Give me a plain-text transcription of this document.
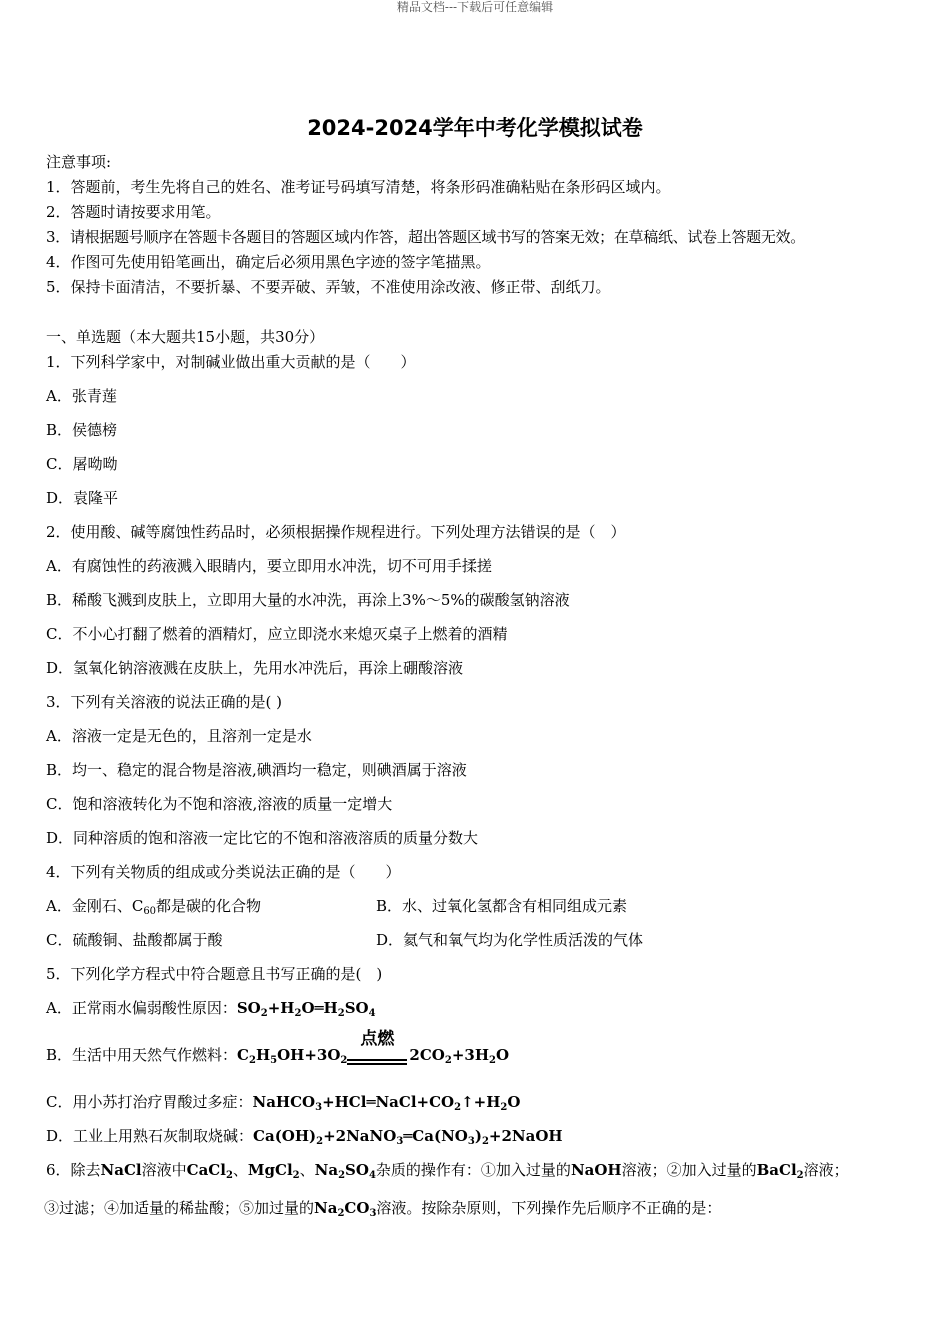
精品文档---下载后可任意编辑
2024-2024学年中考化学模拟试卷
注意事项:
1．答题前，考生先将自己的姓名、准考证号码填写清楚，将条形码准确粘贴在条形码区域内。
2．答题时请按要求用笔。
3．请根据题号顺序在答题卡各题目的答题区域内作答，超出答题区域书写的答案无效；在草稿纸、试卷上答题无效。
4．作图可先使用铅笔画出，确定后必须用黑色字迹的签字笔描黑。
5．保持卡面清洁，不要折暴、不要弄破、弄皱，不准使用涂改液、修正带、刮纸刀。
一、单选题（本大题共15小题，共30分）
1．下列科学家中，对制碱业做出重大贡献的是（　　）
A．张青莲
B．侯德榜
C．屠呦呦
D．袁隆平
2．使用酸、碱等腐蚀性药品时，必须根据操作规程进行。下列处理方法错误的是（　）
A．有腐蚀性的药液溅入眼睛内，要立即用水冲洗，切不可用手揉搓
B．稀酸飞溅到皮肤上，立即用大量的水冲洗，再涂上3%～5%的碳酸氢钠溶液
C．不小心打翻了燃着的酒精灯，应立即浇水来熄灭桌子上燃着的酒精
D．氢氧化钠溶液溅在皮肤上，先用水冲洗后，再涂上硼酸溶液
3．下列有关溶液的说法正确的是( )
A．溶液一定是无色的，且溶剂一定是水
B．均一、稳定的混合物是溶液,碘酒均一稳定，则碘酒属于溶液
C．饱和溶液转化为不饱和溶液,溶液的质量一定增大
D．同种溶质的饱和溶液一定比它的不饱和溶液溶质的质量分数大
4．下列有关物质的组成或分类说法正确的是（　　）
A．金刚石、$C_{60}$都是碳的化合物	B．水、过氧化氢都含有相同组成元素
C．硫酸铜、盐酸都属于酸	D．氦气和氧气均为化学性质活泼的气体
5．下列化学方程式中符合题意且书写正确的是(　)
A．正常雨水偏弱酸性原因：$SO_2+H_2O═H_2SO_4$
B．生活中用天然气作燃料：$C_2H_5OH+3O_2$
点燃
$2CO_2+3H_2O$
C．用小苏打治疗胃酸过多症：$NaHCO_3+HCl═NaCl+CO_2↑+H_2O$
D．工业上用熟石灰制取烧碱：$Ca(OH)_2+2NaNO_3═Ca(NO_3)_2+2NaOH$
6．除去NaCl溶液中CaCl$_2$、MgCl$_2$、$Na_2SO_4$杂质的操作有：①加入过量的NaOH溶液；②加入过量的BaCl$_2$溶液；
③过滤；④加适量的稀盐酸；⑤加过量的$Na_2CO_3$溶液。按除杂原则，下列操作先后顺序不正确的是：
